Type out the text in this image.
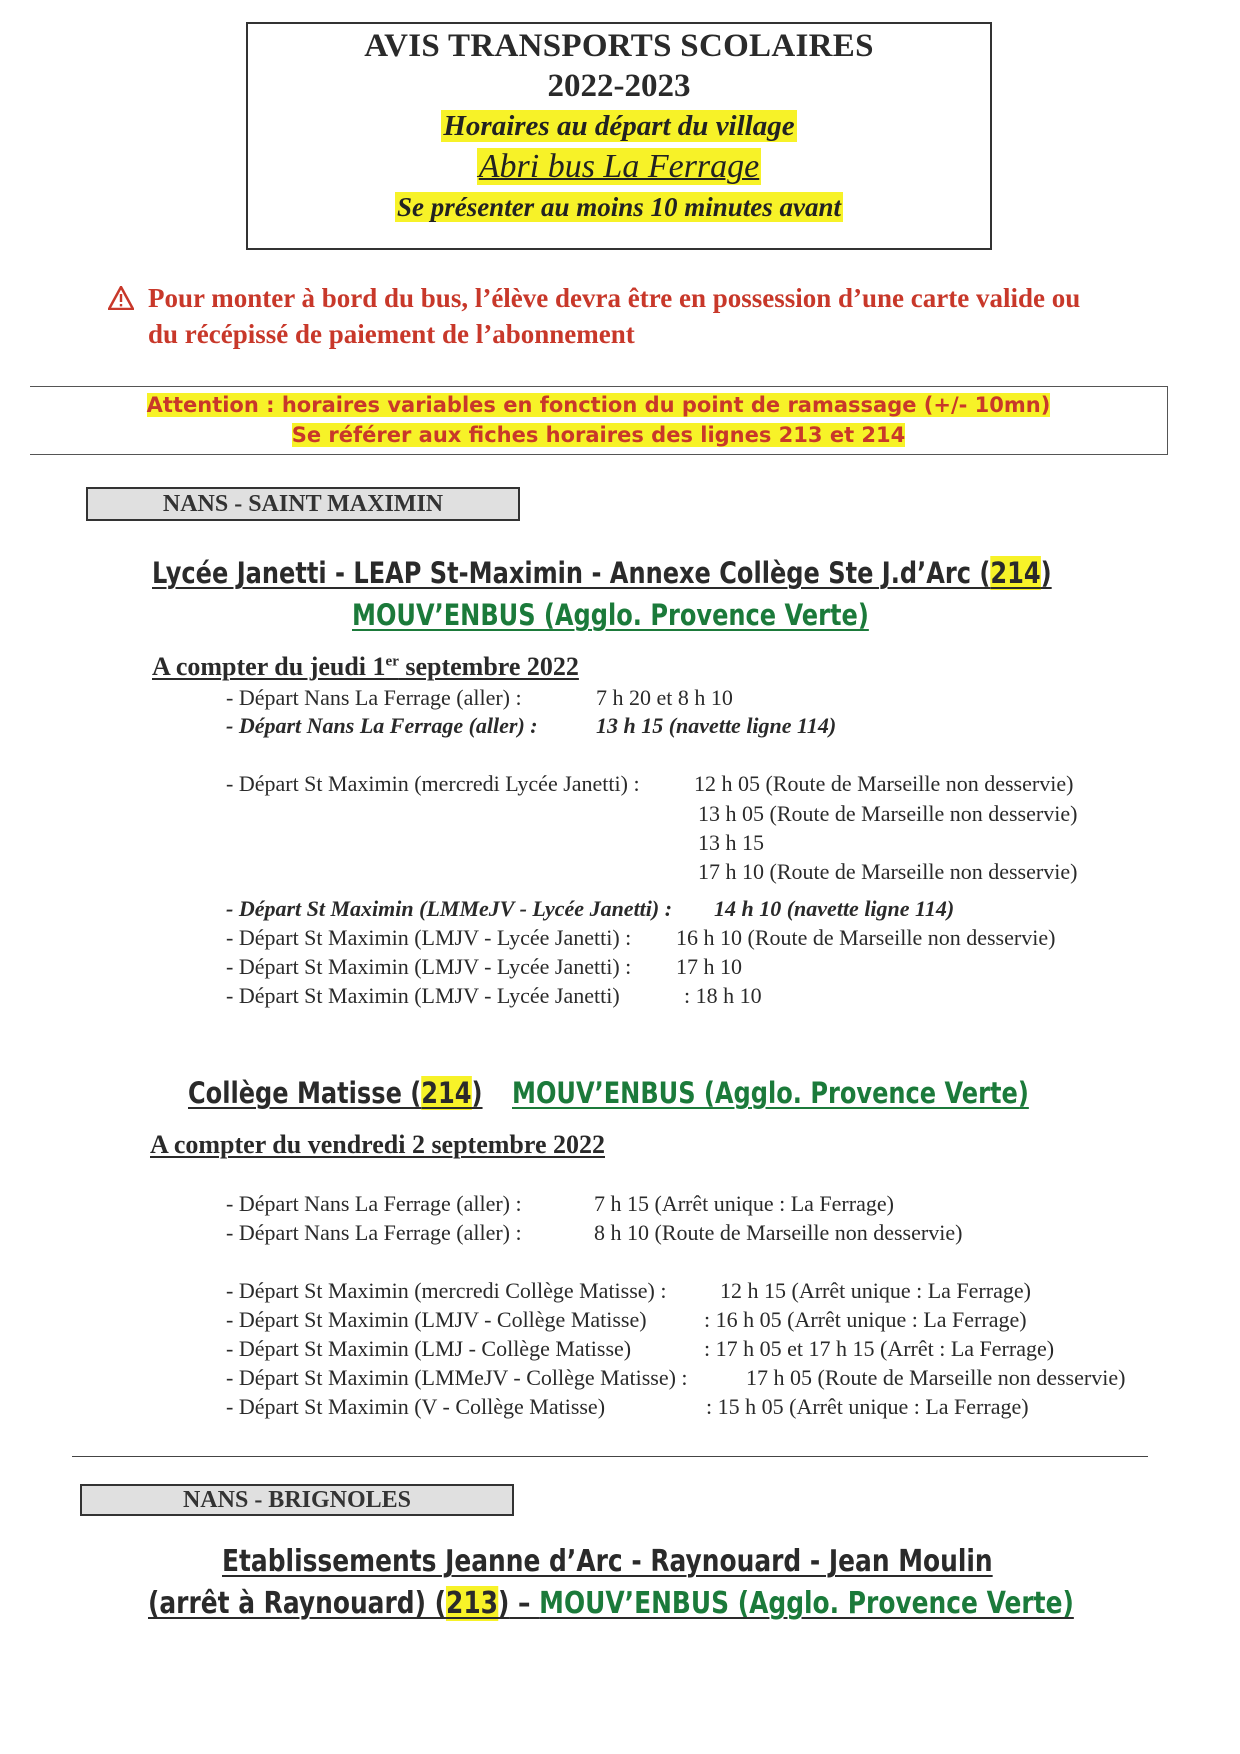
AVIS TRANSPORTS SCOLAIRES
2022-2023
Horaires au départ du village
Abri bus La Ferrage
Se présenter au moins 10 minutes avant
Pour monter à bord du bus, l’élève devra être en possession d’une carte valide ou
du récépissé de paiement de l’abonnement
Attention : horaires variables en fonction du point de ramassage (+/- 10mn)
Se référer aux fiches horaires des lignes 213 et 214
NANS - SAINT MAXIMIN
Lycée Janetti - LEAP St-Maximin - Annexe Collège Ste J.d’Arc (214)
MOUV’ENBUS (Agglo. Provence Verte)
A compter du jeudi 1er septembre 2022
- Départ Nans La Ferrage (aller) :	7 h 20 et 8 h 10
- Départ Nans La Ferrage (aller) :	13 h 15 (navette ligne 114)
- Départ St Maximin (mercredi Lycée Janetti) : 12 h 05 (Route de Marseille non desservie)
13 h 05 (Route de Marseille non desservie)
13 h 15
17 h 10 (Route de Marseille non desservie)
- Départ St Maximin (LMMeJV - Lycée Janetti) : 14 h 10 (navette ligne 114)
- Départ St Maximin (LMJV - Lycée Janetti) : 16 h 10 (Route de Marseille non desservie)
- Départ St Maximin (LMJV - Lycée Janetti) : 17 h 10
- Départ St Maximin (LMJV - Lycée Janetti)	: 18 h 10
Collège Matisse (214) MOUV’ENBUS (Agglo. Provence Verte)
A compter du vendredi 2 septembre 2022
- Départ Nans La Ferrage (aller) :	7 h 15 (Arrêt unique : La Ferrage)
- Départ Nans La Ferrage (aller) :	8 h 10 (Route de Marseille non desservie)
- Départ St Maximin (mercredi Collège Matisse) : 12 h 15 (Arrêt unique : La Ferrage)
- Départ St Maximin (LMJV - Collège Matisse)	: 16 h 05 (Arrêt unique : La Ferrage)
- Départ St Maximin (LMJ - Collège Matisse)	: 17 h 05 et 17 h 15 (Arrêt : La Ferrage)
- Départ St Maximin (LMMeJV - Collège Matisse) :	17 h 05 (Route de Marseille non desservie)
- Départ St Maximin (V - Collège Matisse)	: 15 h 05 (Arrêt unique : La Ferrage)
NANS - BRIGNOLES
Etablissements Jeanne d’Arc - Raynouard - Jean Moulin
(arrêt à Raynouard) (213) – MOUV’ENBUS (Agglo. Provence Verte)
